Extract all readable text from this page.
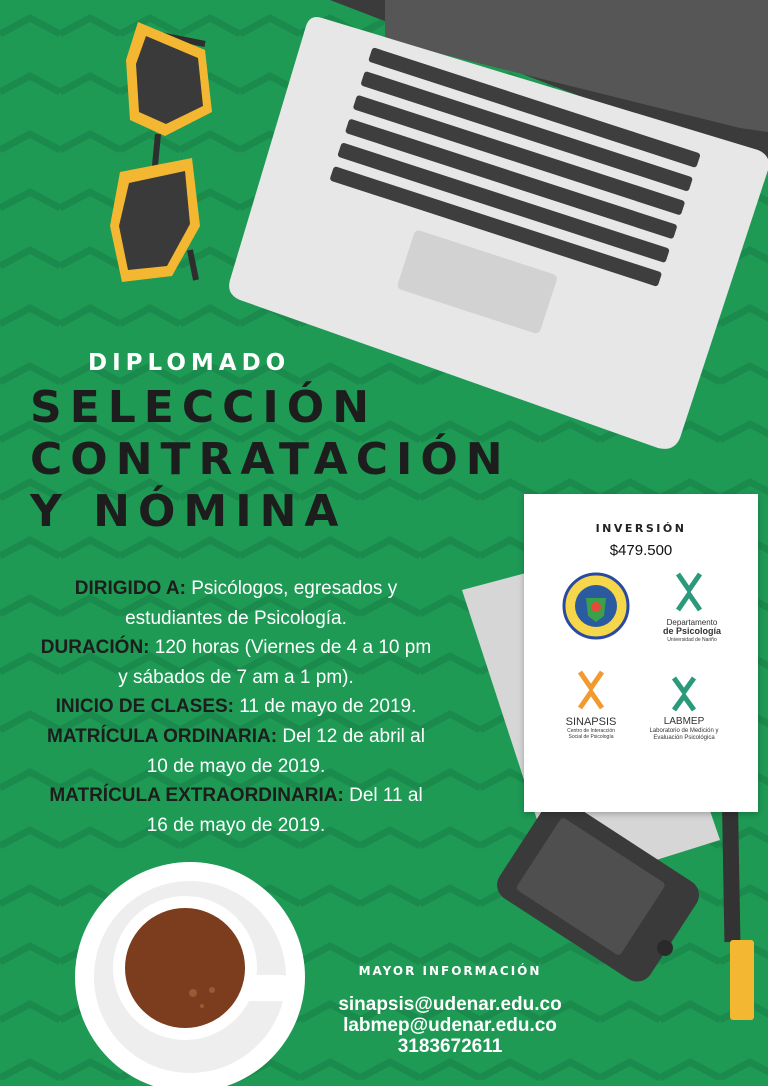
DIPLOMADO
SELECCIÓN
CONTRATACIÓN
Y NÓMINA

DIRIGIDO A: Psicólogos, egresados y estudiantes de Psicología.

DURACIÓN: 120 horas (Viernes de 4 a 10 pm y sábados de 7 am a 1 pm).

INICIO DE CLASES: 11 de mayo de 2019.

MATRÍCULA ORDINARIA: Del 12 de abril al 10 de mayo de 2019.

MATRÍCULA EXTRAORDINARIA: Del 11 al 16 de mayo de 2019.

INVERSIÓN
$479.500
Departamento
de Psicología
Universidad de Nariño
SINAPSIS
Centro de Interacción
Social de Psicología
LABMEP
Laboratorio de Medición y
Evaluación Psicológica
MAYOR INFORMACIÓN
sinapsis@udenar.edu.co
labmep@udenar.edu.co
3183672611
